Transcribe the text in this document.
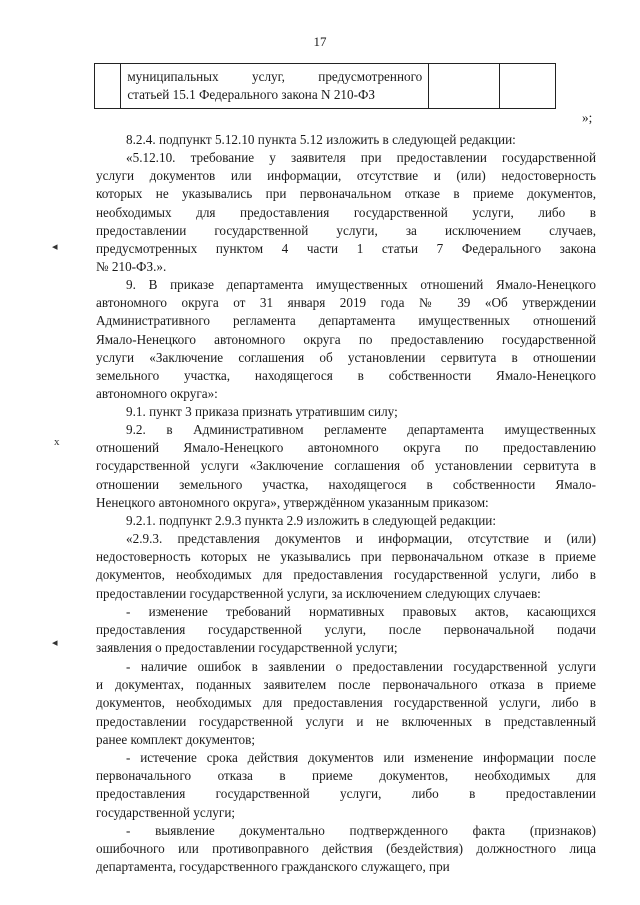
17

муниципальных услуг, предусмотренного
статьей 15.1 Федерального закона N 210-ФЗ		
»;
8.2.4. подпункт 5.12.10 пункта 5.12 изложить в следующей редакции:
«5.12.10. требование у заявителя при предоставлении государственной
услуги документов или информации, отсутствие и (или) недостоверность
которых не указывались при первоначальном отказе в приеме документов,
необходимых для предоставления государственной услуги, либо в
предоставлении государственной услуги, за исключением случаев,
предусмотренных пунктом 4 части 1 статьи 7 Федерального закона
№ 210-ФЗ.».
9. В приказе департамента имущественных отношений Ямало-Ненецкого
автономного округа от 31 января 2019 года № 39 «Об утверждении
Административного регламента департамента имущественных отношений
Ямало-Ненецкого автономного округа по предоставлению государственной
услуги «Заключение соглашения об установлении сервитута в отношении
земельного участка, находящегося в собственности Ямало-Ненецкого
автономного округа»:
9.1. пункт 3 приказа признать утратившим силу;
9.2. в Административном регламенте департамента имущественных
отношений Ямало-Ненецкого автономного округа по предоставлению
государственной услуги «Заключение соглашения об установлении сервитута в
отношении земельного участка, находящегося в собственности Ямало-
Ненецкого автономного округа», утверждённом указанным приказом:
9.2.1. подпункт 2.9.3 пункта 2.9 изложить в следующей редакции:
«2.9.3. представления документов и информации, отсутствие и (или)
недостоверность которых не указывались при первоначальном отказе в приеме
документов, необходимых для предоставления государственной услуги, либо в
предоставлении государственной услуги, за исключением следующих случаев:
- изменение требований нормативных правовых актов, касающихся
предоставления государственной услуги, после первоначальной подачи
заявления о предоставлении государственной услуги;
- наличие ошибок в заявлении о предоставлении государственной услуги
и документах, поданных заявителем после первоначального отказа в приеме
документов, необходимых для предоставления государственной услуги, либо в
предоставлении государственной услуги и не включенных в представленный
ранее комплект документов;
- истечение срока действия документов или изменение информации после
первоначального отказа в приеме документов, необходимых для
предоставления государственной услуги, либо в предоставлении
государственной услуги;
- выявление документально подтвержденного факта (признаков)
ошибочного или противоправного действия (бездействия) должностного лица
департамента, государственного гражданского служащего, при
◂
x
◂
